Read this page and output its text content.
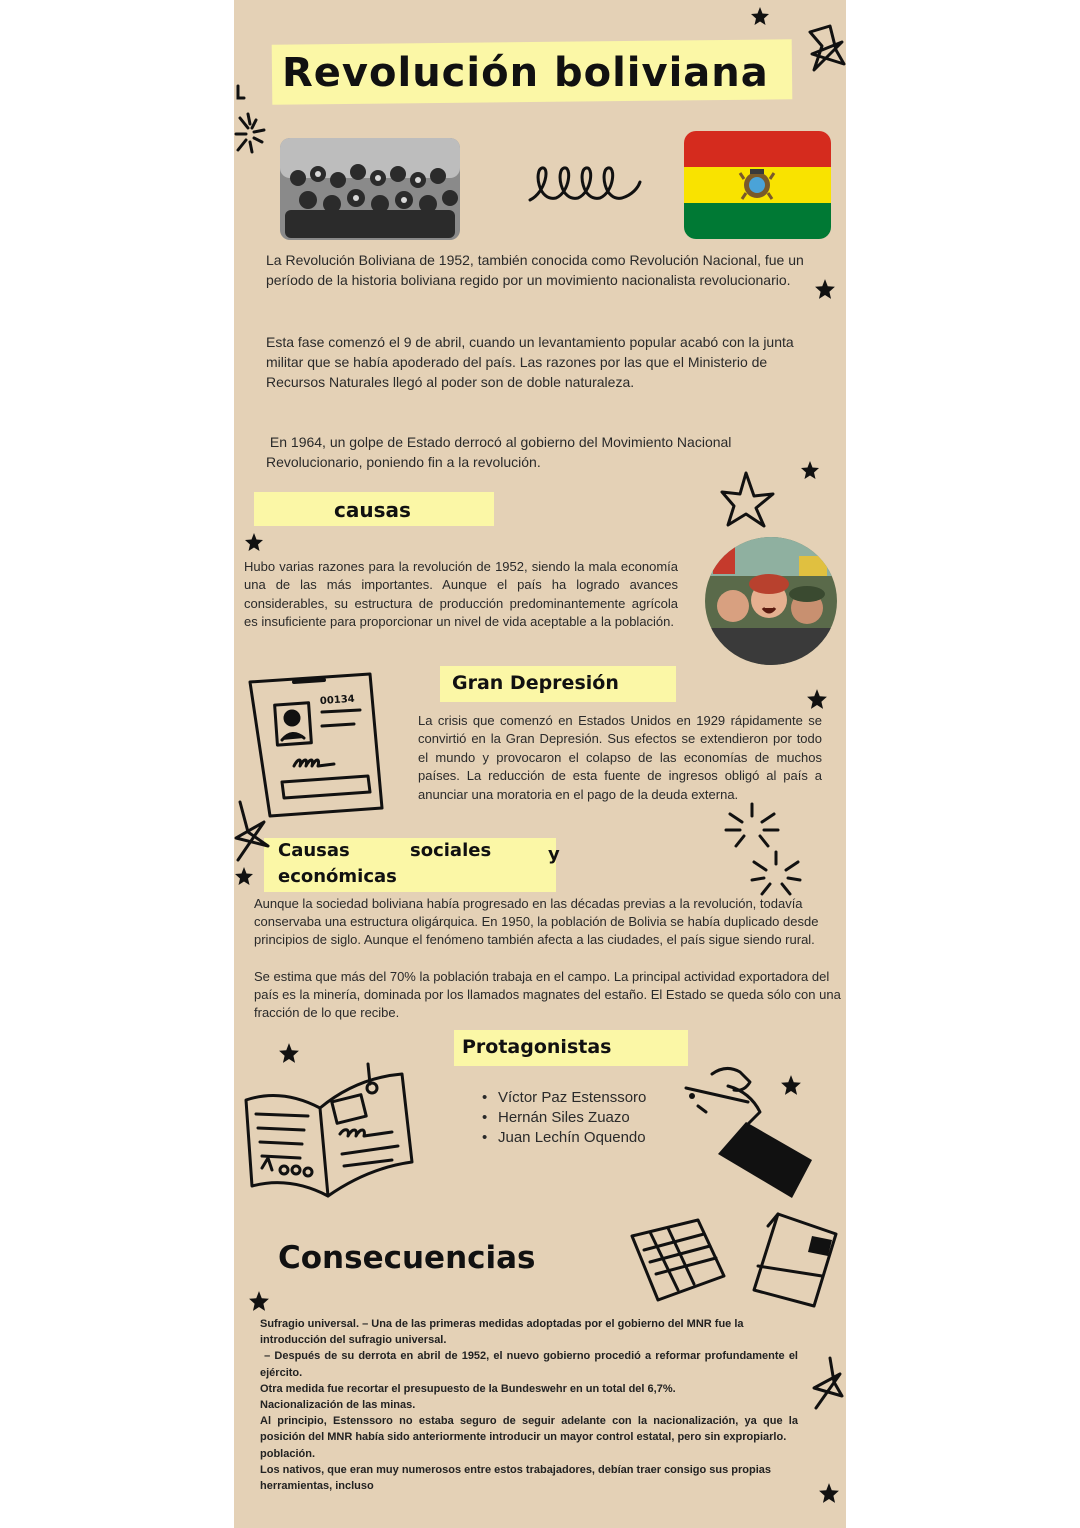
Revolución boliviana

La Revolución Boliviana de 1952, también conocida como Revolución Nacional, fue un período de la historia boliviana regido por un movimiento nacionalista revolucionario.

Esta fase comenzó el 9 de abril, cuando un levantamiento popular acabó con la junta militar que se había apoderado del país. Las razones por las que el Ministerio de Recursos Naturales llegó al poder son de doble naturaleza.

En 1964, un golpe de Estado derrocó al gobierno del Movimiento Nacional Revolucionario, poniendo fin a la revolución.

causas

Hubo varias razones para la revolución de 1952, siendo la mala economía una de las más importantes. Aunque el país ha logrado avances considerables, su estructura de producción predominantemente agrícola es insuficiente para proporcionar un nivel de vida aceptable a la población.

00134
Gran Depresión

La crisis que comenzó en Estados Unidos en 1929 rápidamente se convirtió en la Gran Depresión. Sus efectos se extendieron por todo el mundo y provocaron el colapso de las economías de muchos países. La reducción de esta fuente de ingresos obligó al país a anunciar una moratoria en el pago de la deuda externa.

Causas	sociales	y
económicas

Aunque la sociedad boliviana había progresado en las décadas previas a la revolución, todavía conservaba una estructura oligárquica. En 1950, la población de Bolivia se había duplicado desde principios de siglo. Aunque el fenómeno también afecta a las ciudades, el país sigue siendo rural.

Se estima que más del 70% la población trabaja en el campo. La principal actividad exportadora del país es la minería, dominada por los llamados magnates del estaño. El Estado se queda sólo con una fracción de lo que recibe.

Protagonistas
• Víctor Paz Estenssoro
• Hernán Siles Zuazo
• Juan Lechín Oquendo
Consecuencias

Sufragio universal. – Una de las primeras medidas adoptadas por el gobierno del MNR fue la introducción del sufragio universal.

– Después de su derrota en abril de 1952, el nuevo gobierno procedió a reformar profundamente el ejército.

Otra medida fue recortar el presupuesto de la Bundeswehr en un total del 6,7%.

Nacionalización de las minas.

Al principio, Estenssoro no estaba seguro de seguir adelante con la nacionalización, ya que la posición del MNR había sido anteriormente introducir un mayor control estatal, pero sin expropiarlo.

población.

Los nativos, que eran muy numerosos entre estos trabajadores, debían traer consigo sus propias herramientas, incluso
